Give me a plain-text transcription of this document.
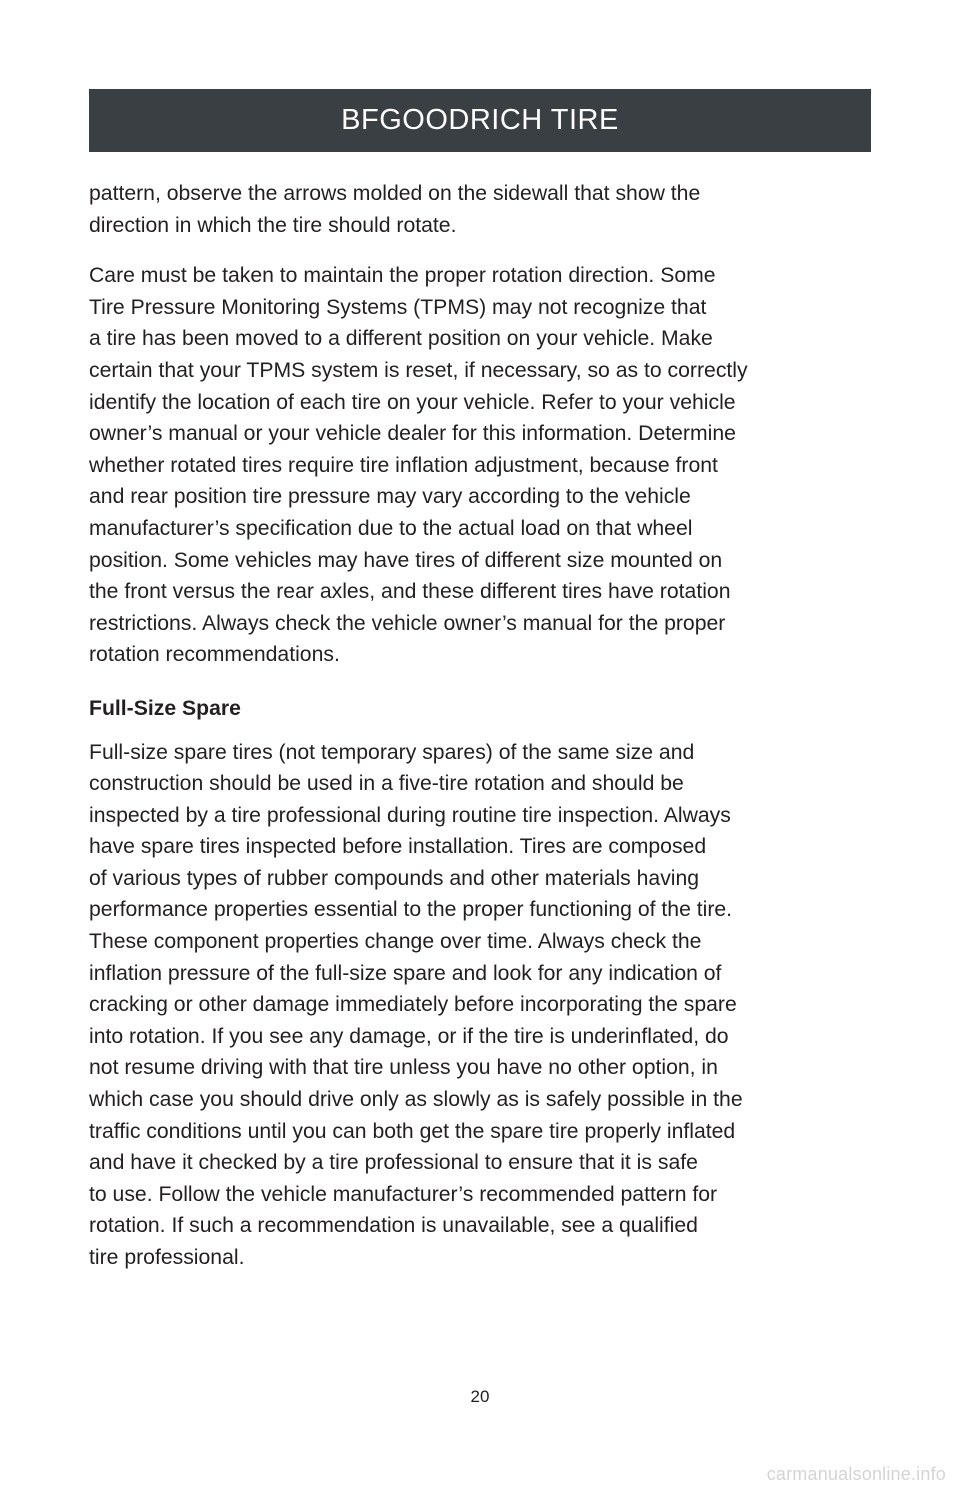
BFGOODRICH TIRE
pattern, observe the arrows molded on the sidewall that show the
direction in which the tire should rotate.
Care must be taken to maintain the proper rotation direction. Some
Tire Pressure Monitoring Systems (TPMS) may not recognize that
a tire has been moved to a different position on your vehicle. Make
certain that your TPMS system is reset, if necessary, so as to correctly
identify the location of each tire on your vehicle. Refer to your vehicle
owner’s manual or your vehicle dealer for this information. Determine
whether rotated tires require tire inflation adjustment, because front
and rear position tire pressure may vary according to the vehicle
manufacturer’s specification due to the actual load on that wheel
position. Some vehicles may have tires of different size mounted on
the front versus the rear axles, and these different tires have rotation
restrictions. Always check the vehicle owner’s manual for the proper
rotation recommendations.
Full-Size Spare
Full-size spare tires (not temporary spares) of the same size and
construction should be used in a five-tire rotation and should be
inspected by a tire professional during routine tire inspection. Always
have spare tires inspected before installation. Tires are composed
of various types of rubber compounds and other materials having
performance properties essential to the proper functioning of the tire.
These component properties change over time. Always check the
inflation pressure of the full-size spare and look for any indication of
cracking or other damage immediately before incorporating the spare
into rotation. If you see any damage, or if the tire is underinflated, do
not resume driving with that tire unless you have no other option, in
which case you should drive only as slowly as is safely possible in the
traffic conditions until you can both get the spare tire properly inflated
and have it checked by a tire professional to ensure that it is safe
to use. Follow the vehicle manufacturer’s recommended pattern for
rotation. If such a recommendation is unavailable, see a qualified
tire professional.
20
carmanualsonline.info
